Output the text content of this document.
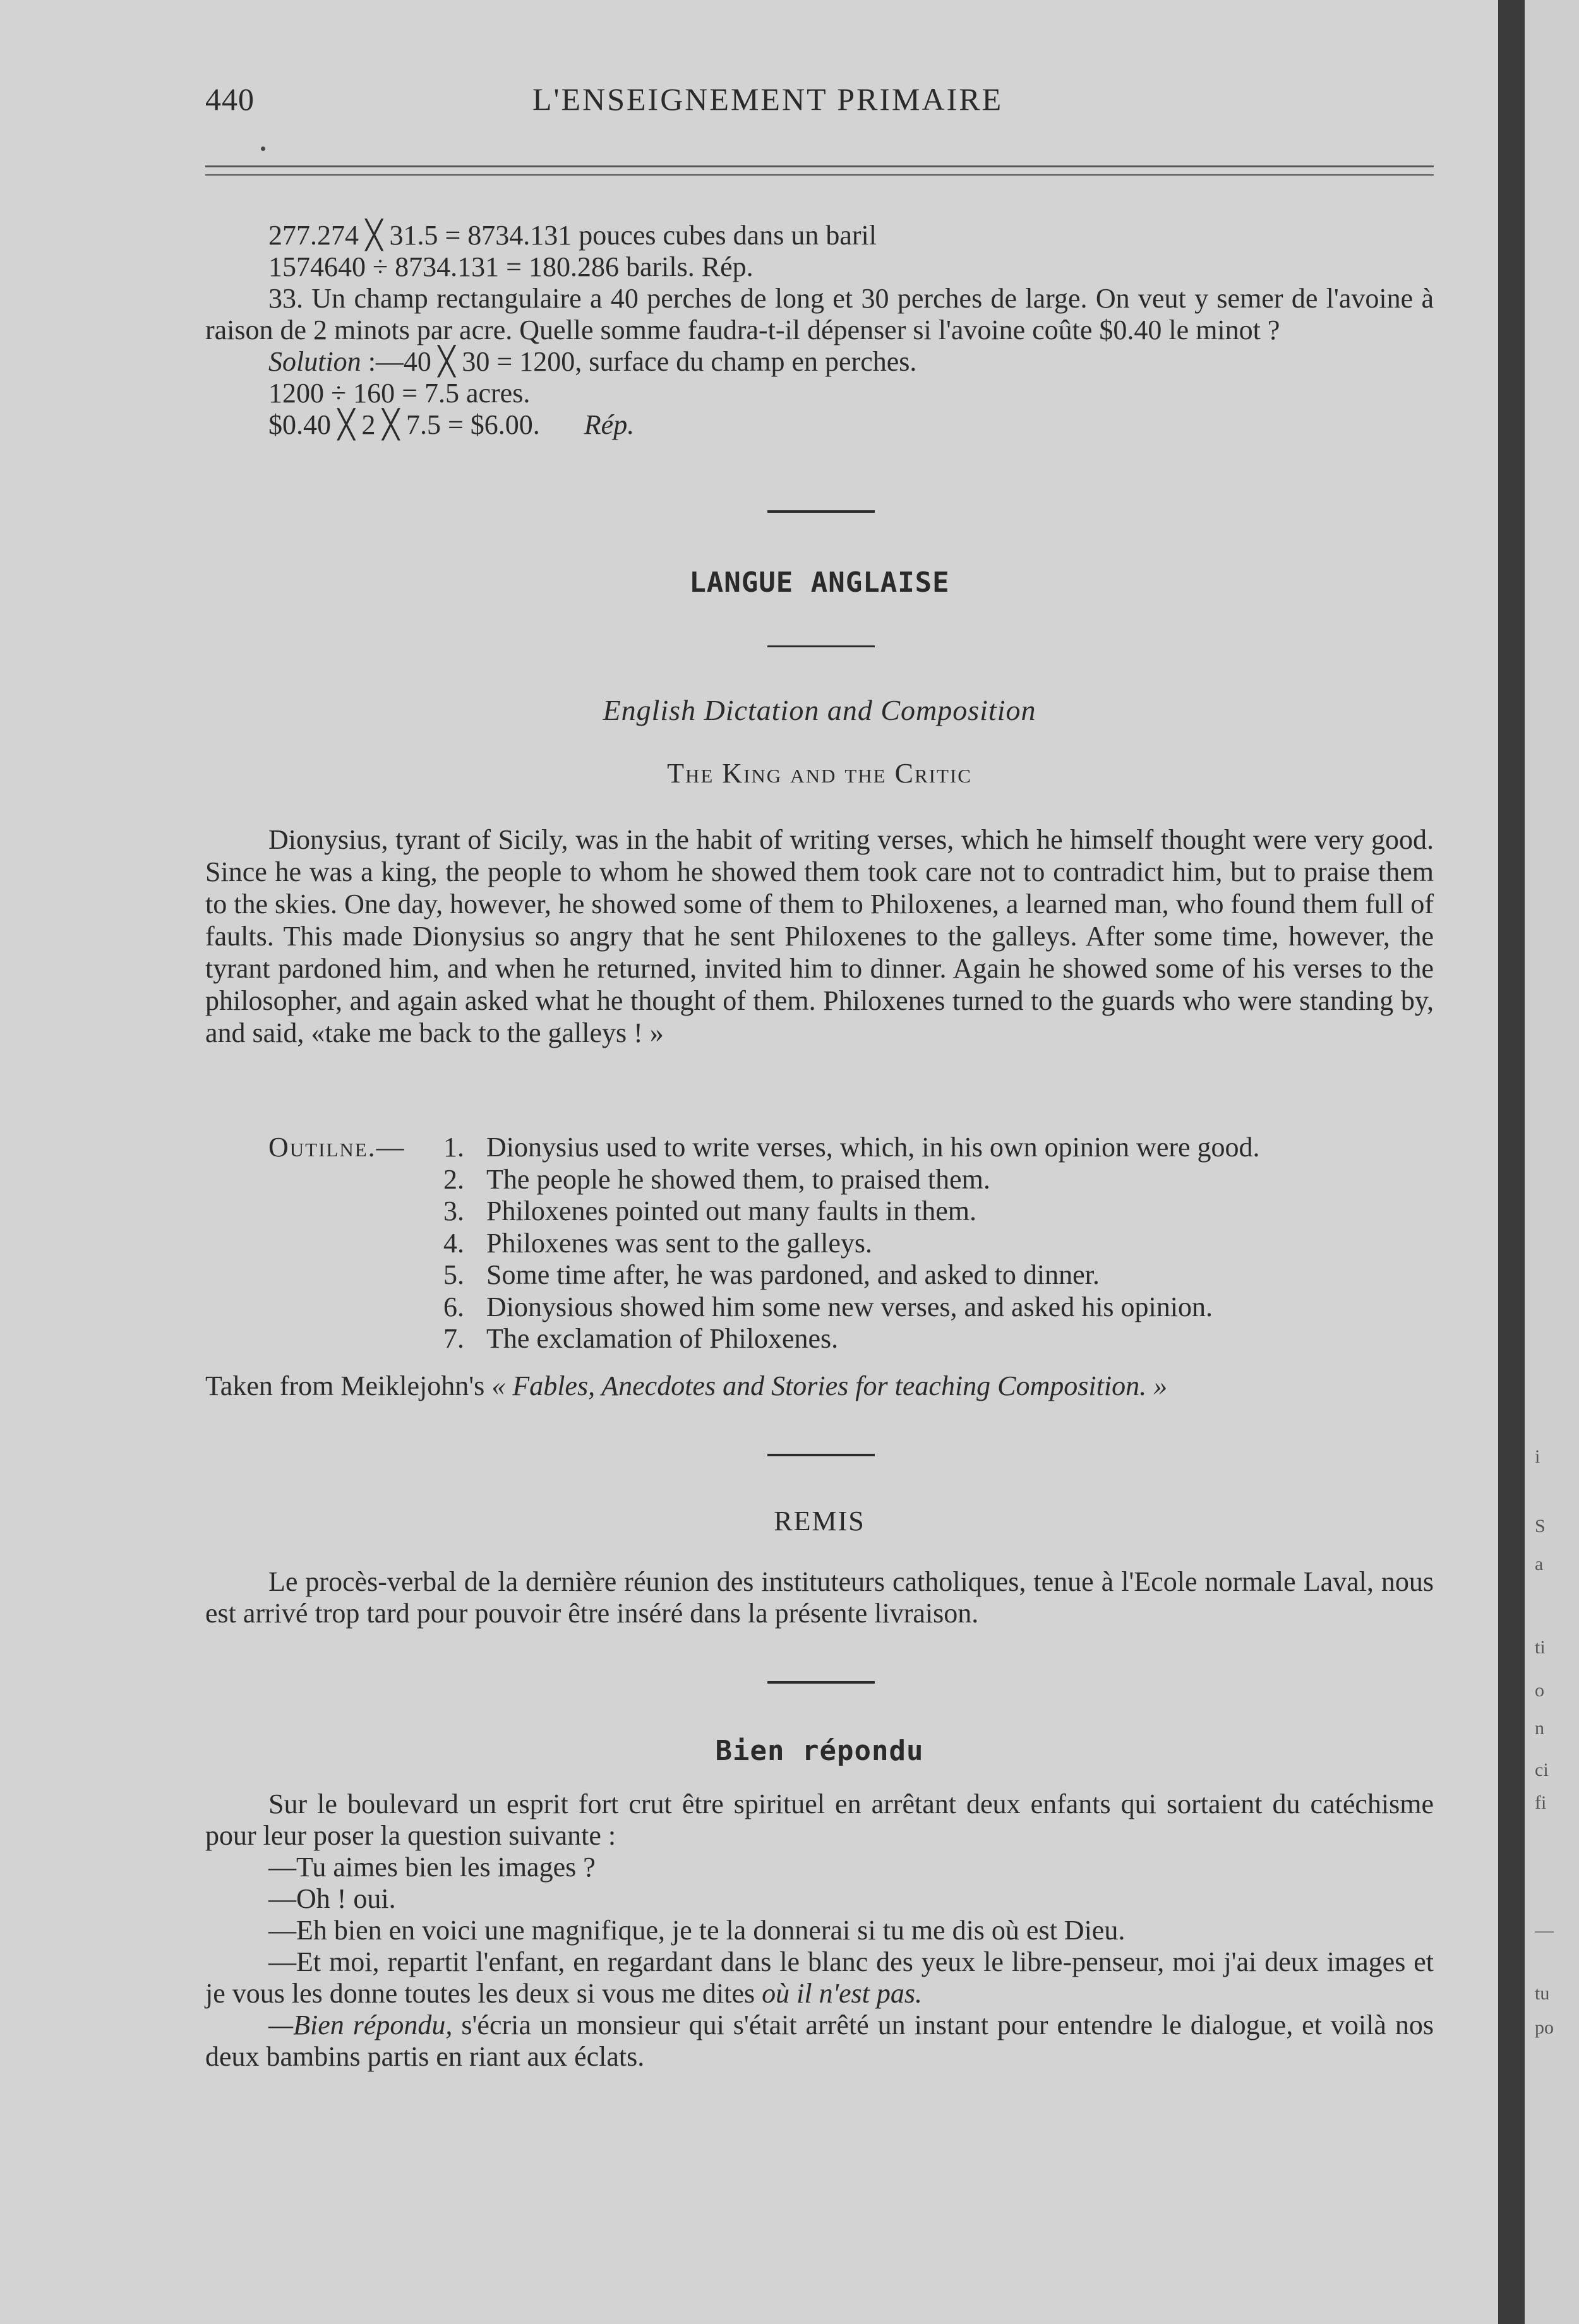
440	L'ENSEIGNEMENT PRIMAIRE
277.274 ╳ 31.5 = 8734.131 pouces cubes dans un baril
1574640 ÷ 8734.131 = 180.286 barils. Rép.
33. Un champ rectangulaire a 40 perches de long et 30 perches de large. On veut y semer de l'avoine à raison de 2 minots par acre. Quelle somme faudra-t-il dépenser si l'avoine coûte $0.40 le minot ?
Solution :—40 ╳ 30 = 1200, surface du champ en perches.
1200 ÷ 160 = 7.5 acres.
$0.40 ╳ 2 ╳ 7.5 = $6.00. Rép.
LANGUE ANGLAISE
English Dictation and Composition
The King and the Critic
Dionysius, tyrant of Sicily, was in the habit of writing verses, which he himself thought were very good. Since he was a king, the people to whom he showed them took care not to contradict him, but to praise them to the skies. One day, however, he showed some of them to Philoxenes, a learned man, who found them full of faults. This made Dionysius so angry that he sent Philoxenes to the galleys. After some time, however, the tyrant pardoned him, and when he returned, invited him to dinner. Again he showed some of his verses to the philosopher, and again asked what he thought of them. Philoxenes turned to the guards who were standing by, and said, «take me back to the galleys ! »
Outilne.—	1. Dionysius used to write verses, which, in his own opinion were good.
2. The people he showed them, to praised them.
3. Philoxenes pointed out many faults in them.
4. Philoxenes was sent to the galleys.
5. Some time after, he was pardoned, and asked to dinner.
6. Dionysious showed him some new verses, and asked his opinion.
7. The exclamation of Philoxenes.
Taken from Meiklejohn's « Fables, Anecdotes and Stories for teaching Composition. »
REMIS
Le procès-verbal de la dernière réunion des instituteurs catholiques, tenue à l'Ecole normale Laval, nous est arrivé trop tard pour pouvoir être inséré dans la présente livraison.
Bien répondu
Sur le boulevard un esprit fort crut être spirituel en arrêtant deux enfants qui sortaient du catéchisme pour leur poser la question suivante :
—Tu aimes bien les images ?
—Oh ! oui.
—Eh bien en voici une magnifique, je te la donnerai si tu me dis où est Dieu.
—Et moi, repartit l'enfant, en regardant dans le blanc des yeux le libre-penseur, moi j'ai deux images et je vous les donne toutes les deux si vous me dites où il n'est pas.
—Bien répondu, s'écria un monsieur qui s'était arrêté un instant pour entendre le dialogue, et voilà nos deux bambins partis en riant aux éclats.
i
S
a
ti
o
n
ci
fi
—
tu
po
